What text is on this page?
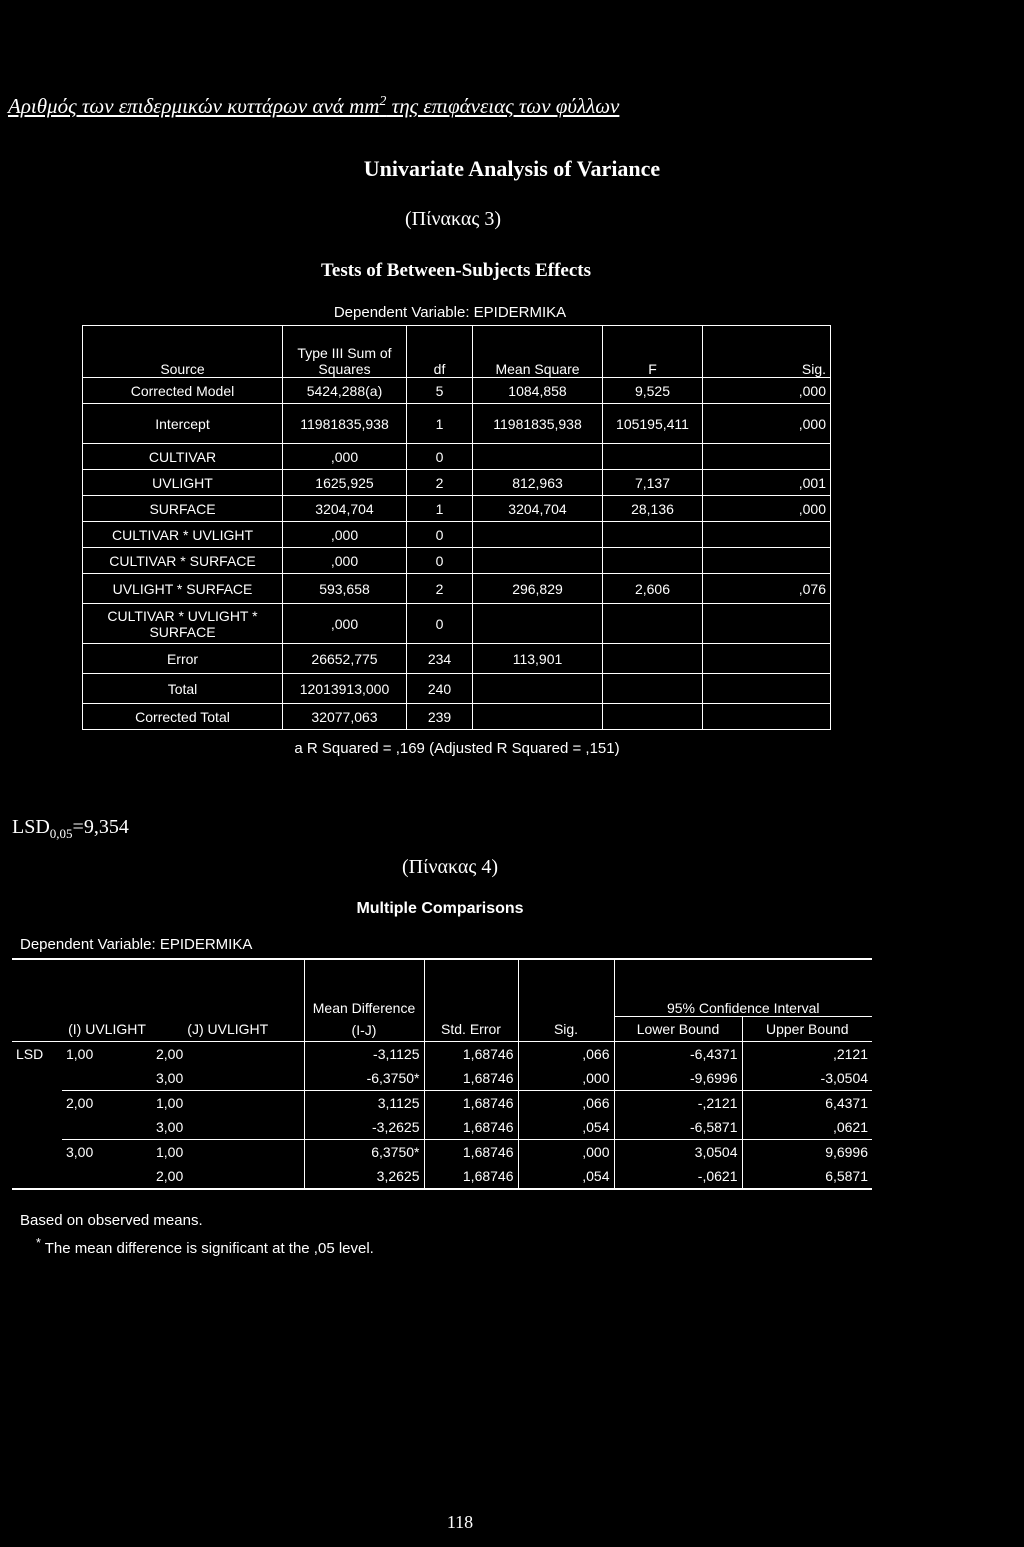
Αριθμός των επιδερμικών κυττάρων ανά $mm^2$ της επιφάνειας των φύλλων
Univariate Analysis of Variance
(Πίνακας 3)
Tests of Between-Subjects Effects
Dependent Variable: EPIDERMIKA
Source	Type III Sum of Squares	df	Mean Square	F	Sig.
Corrected Model	5424,288(a)	5	1084,858	9,525	,000
Intercept	11981835,938	1	11981835,938	105195,411	,000
CULTIVAR	,000	0			
UVLIGHT	1625,925	2	812,963	7,137	,001
SURFACE	3204,704	1	3204,704	28,136	,000
CULTIVAR * UVLIGHT	,000	0			
CULTIVAR * SURFACE	,000	0			
UVLIGHT * SURFACE	593,658	2	296,829	2,606	,076
CULTIVAR * UVLIGHT * SURFACE	,000	0			
Error	26652,775	234	113,901		
Total	12013913,000	240			
Corrected Total	32077,063	239			
a R Squared = ,169 (Adjusted R Squared = ,151)
$LSD_{0,05}=9,354$
(Πίνακας 4)
Multiple Comparisons
Dependent Variable: EPIDERMIKA
			Mean Difference (I-J)			95% Confidence Interval	
	(I) UVLIGHT	(J) UVLIGHT		Std. Error	Sig.	Lower Bound	Upper Bound
LSD	1,00	2,00	-3,1125	1,68746	,066	-6,4371	,2121
		3,00	-6,3750*	1,68746	,000	-9,6996	-3,0504
	2,00	1,00	3,1125	1,68746	,066	-,2121	6,4371
		3,00	-3,2625	1,68746	,054	-6,5871	,0621
	3,00	1,00	6,3750*	1,68746	,000	3,0504	9,6996
		2,00	3,2625	1,68746	,054	-,0621	6,5871
Based on observed means.
* The mean difference is significant at the ,05 level.
118
